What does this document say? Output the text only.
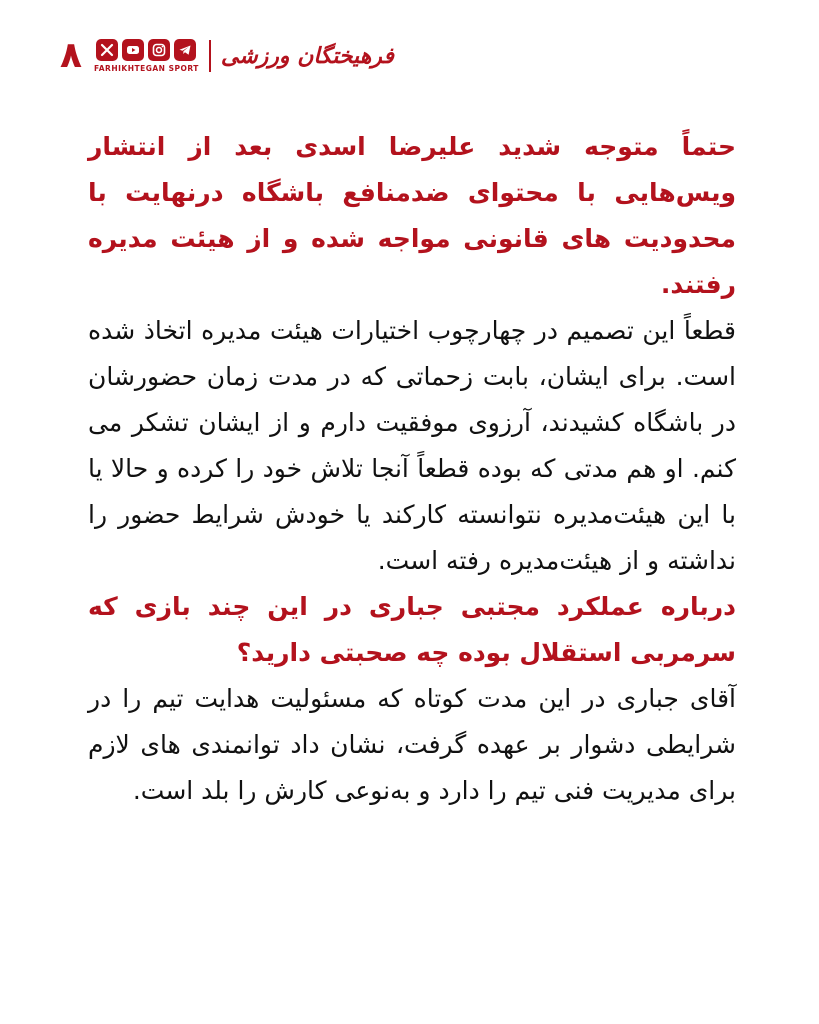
۸ FARHIKHTEGAN SPORT فرهیختگان ورزشی

حتماً متوجه شدید علیرضا اسدی بعد از انتشار ویس‌هایی با محتوای ضدمنافع باشگاه درنهایت با محدودیت های قانونی مواجه شده و از هیئت مدیره رفتند.

قطعاً این تصمیم در چهارچوب اختیارات هیئت مدیره اتخاذ شده است. برای ایشان، بابت زحماتی که در مدت زمان حضورشان در باشگاه کشیدند، آرزوی موفقیت دارم و از ایشان تشکر می کنم. او هم مدتی که بوده قطعاً آنجا تلاش خود را کرده و حالا یا با این هیئت‌مدیره نتوانسته کارکند یا خودش شرایط حضور را نداشته و از هیئت‌مدیره رفته است.

درباره عملکرد مجتبی جباری در این چند بازی که سرمربی استقلال بوده چه صحبتی دارید؟

آقای جباری در این مدت کوتاه که مسئولیت هدایت تیم را در شرایطی دشوار بر عهده گرفت، نشان داد توانمندی های لازم برای مدیریت فنی تیم را دارد و به‌نوعی کارش را بلد است.
